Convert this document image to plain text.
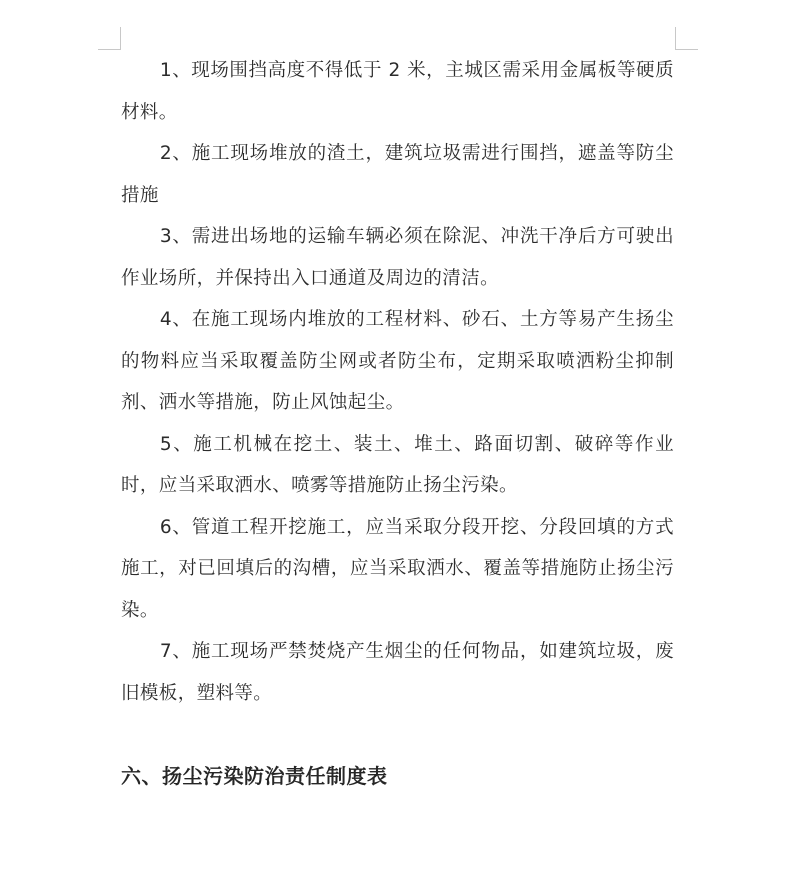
1、现场围挡高度不得低于 2 米，主城区需采用金属板等硬质材料。

2、施工现场堆放的渣土，建筑垃圾需进行围挡，遮盖等防尘措施

3、需进出场地的运输车辆必须在除泥、冲洗干净后方可驶出作业场所，并保持出入口通道及周边的清洁。

4、在施工现场内堆放的工程材料、砂石、土方等易产生扬尘的物料应当采取覆盖防尘网或者防尘布，定期采取喷洒粉尘抑制剂、洒水等措施，防止风蚀起尘。

5、施工机械在挖土、装土、堆土、路面切割、破碎等作业时，应当采取洒水、喷雾等措施防止扬尘污染。

6、管道工程开挖施工，应当采取分段开挖、分段回填的方式施工，对已回填后的沟槽，应当采取洒水、覆盖等措施防止扬尘污染。

7、施工现场严禁焚烧产生烟尘的任何物品，如建筑垃圾，废旧模板，塑料等。

六、扬尘污染防治责任制度表
